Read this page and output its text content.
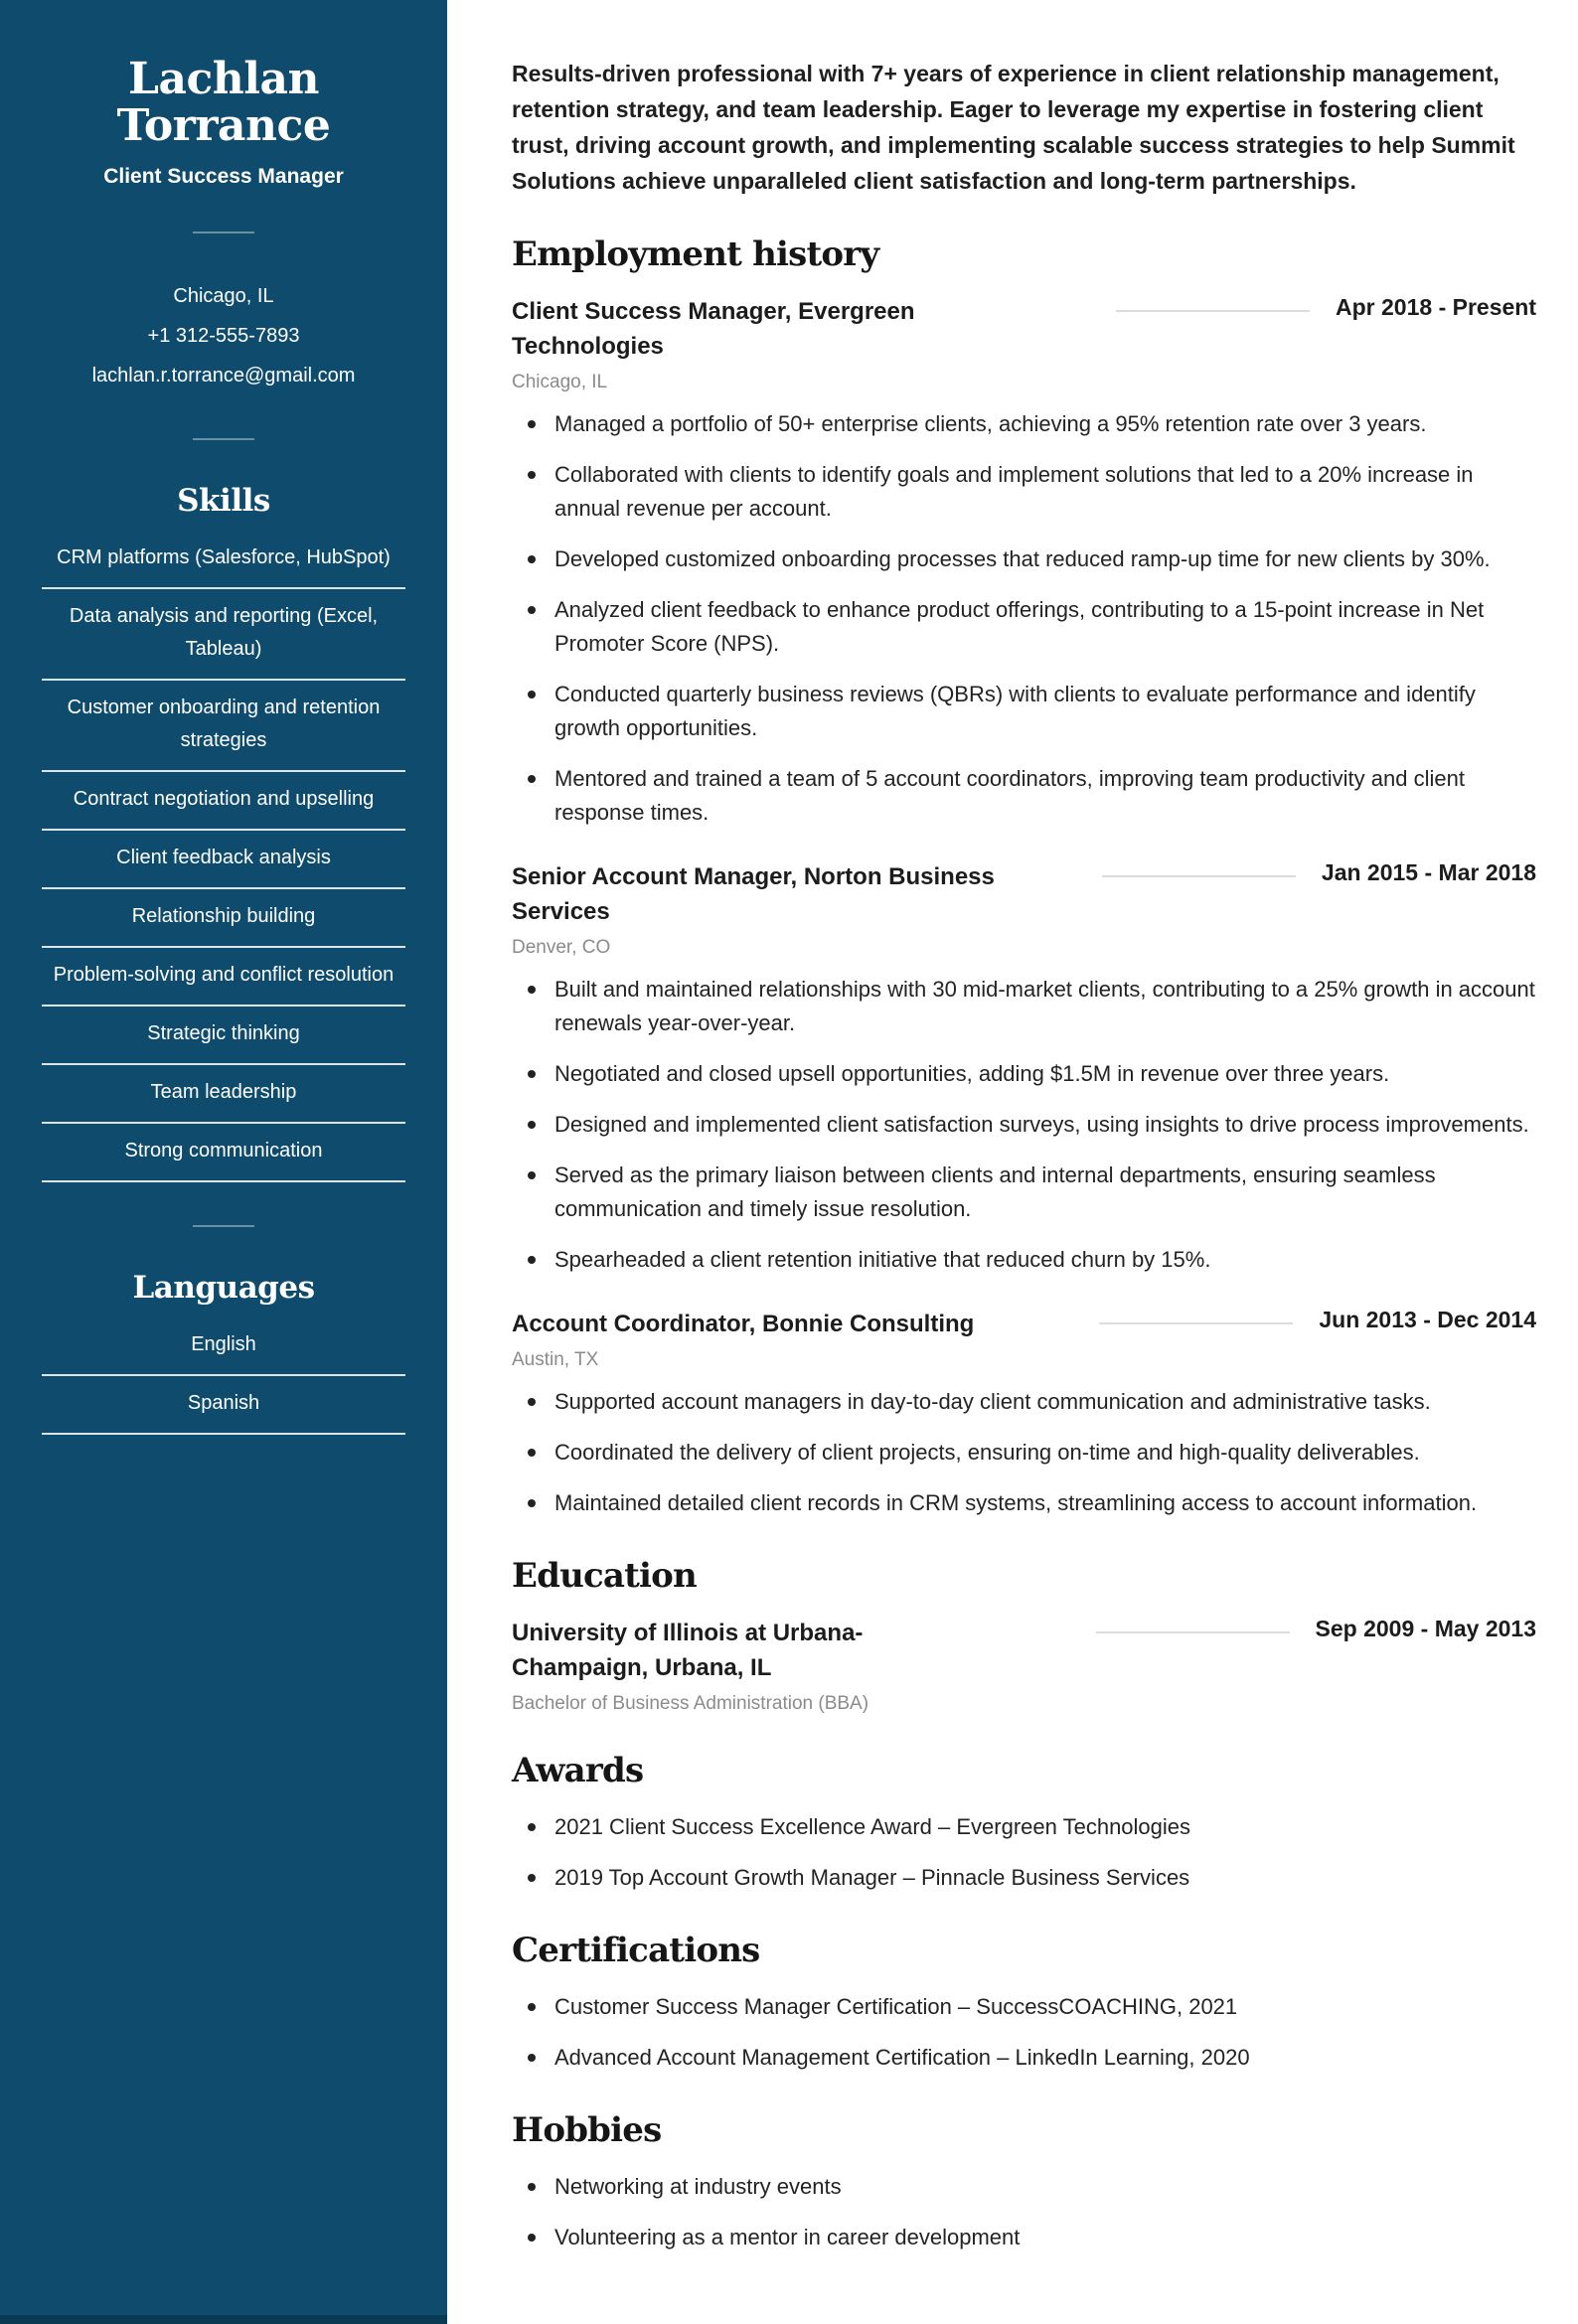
Lachlan Torrance
Client Success Manager
Chicago, IL
+1 312-555-7893
lachlan.r.torrance@gmail.com
Skills
CRM platforms (Salesforce, HubSpot)
Data analysis and reporting (Excel, Tableau)
Customer onboarding and retention strategies
Contract negotiation and upselling
Client feedback analysis
Relationship building
Problem-solving and conflict resolution
Strategic thinking
Team leadership
Strong communication
Languages
English
Spanish

Results-driven professional with 7+ years of experience in client relationship management, retention strategy, and team leadership. Eager to leverage my expertise in fostering client trust, driving account growth, and implementing scalable success strategies to help Summit Solutions achieve unparalleled client satisfaction and long-term partnerships.

Employment history
Client Success Manager, Evergreen Technologies
Apr 2018 - Present
Chicago, IL
Managed a portfolio of 50+ enterprise clients, achieving a 95% retention rate over 3 years.
Collaborated with clients to identify goals and implement solutions that led to a 20% increase in annual revenue per account.
Developed customized onboarding processes that reduced ramp-up time for new clients by 30%.
Analyzed client feedback to enhance product offerings, contributing to a 15-point increase in Net Promoter Score (NPS).
Conducted quarterly business reviews (QBRs) with clients to evaluate performance and identify growth opportunities.
Mentored and trained a team of 5 account coordinators, improving team productivity and client response times.
Senior Account Manager, Norton Business Services
Jan 2015 - Mar 2018
Denver, CO
Built and maintained relationships with 30 mid-market clients, contributing to a 25% growth in account renewals year-over-year.
Negotiated and closed upsell opportunities, adding $1.5M in revenue over three years.
Designed and implemented client satisfaction surveys, using insights to drive process improvements.
Served as the primary liaison between clients and internal departments, ensuring seamless communication and timely issue resolution.
Spearheaded a client retention initiative that reduced churn by 15%.
Account Coordinator, Bonnie Consulting	Jun 2013 - Dec 2014
Austin, TX
Supported account managers in day-to-day client communication and administrative tasks.
Coordinated the delivery of client projects, ensuring on-time and high-quality deliverables.
Maintained detailed client records in CRM systems, streamlining access to account information.
Education
University of Illinois at Urbana-Champaign, Urbana, IL
Sep 2009 - May 2013
Bachelor of Business Administration (BBA)
Awards
2021 Client Success Excellence Award – Evergreen Technologies
2019 Top Account Growth Manager – Pinnacle Business Services
Certifications
Customer Success Manager Certification – SuccessCOACHING, 2021
Advanced Account Management Certification – LinkedIn Learning, 2020
Hobbies
Networking at industry events
Volunteering as a mentor in career development
